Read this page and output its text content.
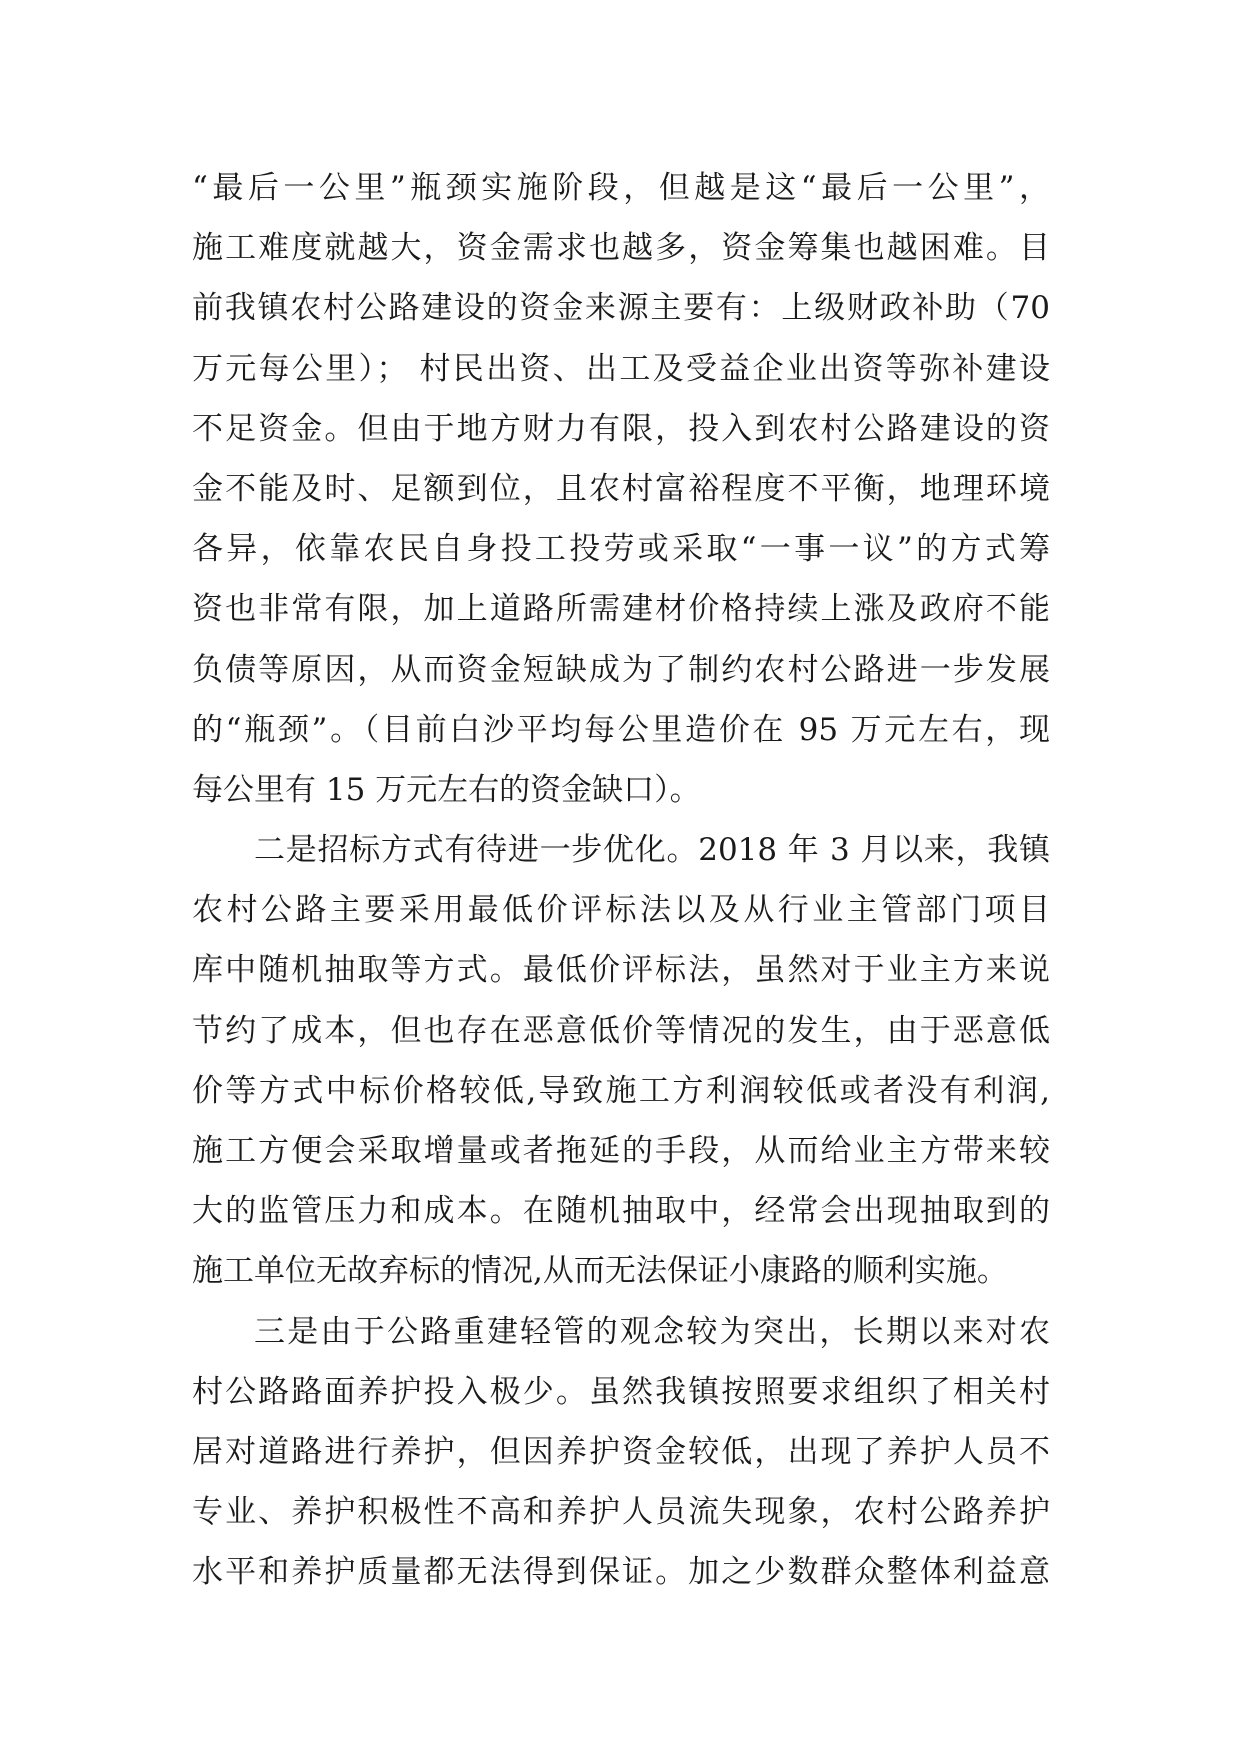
“最后一公里”瓶颈实施阶段，但越是这“最后一公里”，
施工难度就越大，资金需求也越多，资金筹集也越困难。目
前我镇农村公路建设的资金来源主要有：上级财政补助（70
万元每公里）； 村民出资、出工及受益企业出资等弥补建设
不足资金。但由于地方财力有限，投入到农村公路建设的资
金不能及时、足额到位，且农村富裕程度不平衡，地理环境
各异，依靠农民自身投工投劳或采取“一事一议”的方式筹
资也非常有限，加上道路所需建材价格持续上涨及政府不能
负债等原因，从而资金短缺成为了制约农村公路进一步发展
的“瓶颈”。（目前白沙平均每公里造价在 95 万元左右，现
每公里有 15 万元左右的资金缺口）。
二是招标方式有待进一步优化。2018 年 3 月以来，我镇
农村公路主要采用最低价评标法以及从行业主管部门项目
库中随机抽取等方式。最低价评标法，虽然对于业主方来说
节约了成本，但也存在恶意低价等情况的发生，由于恶意低
价等方式中标价格较低,导致施工方利润较低或者没有利润,
施工方便会采取增量或者拖延的手段，从而给业主方带来较
大的监管压力和成本。在随机抽取中，经常会出现抽取到的
施工单位无故弃标的情况,从而无法保证小康路的顺利实施。
三是由于公路重建轻管的观念较为突出，长期以来对农
村公路路面养护投入极少。虽然我镇按照要求组织了相关村
居对道路进行养护，但因养护资金较低，出现了养护人员不
专业、养护积极性不高和养护人员流失现象，农村公路养护
水平和养护质量都无法得到保证。加之少数群众整体利益意
